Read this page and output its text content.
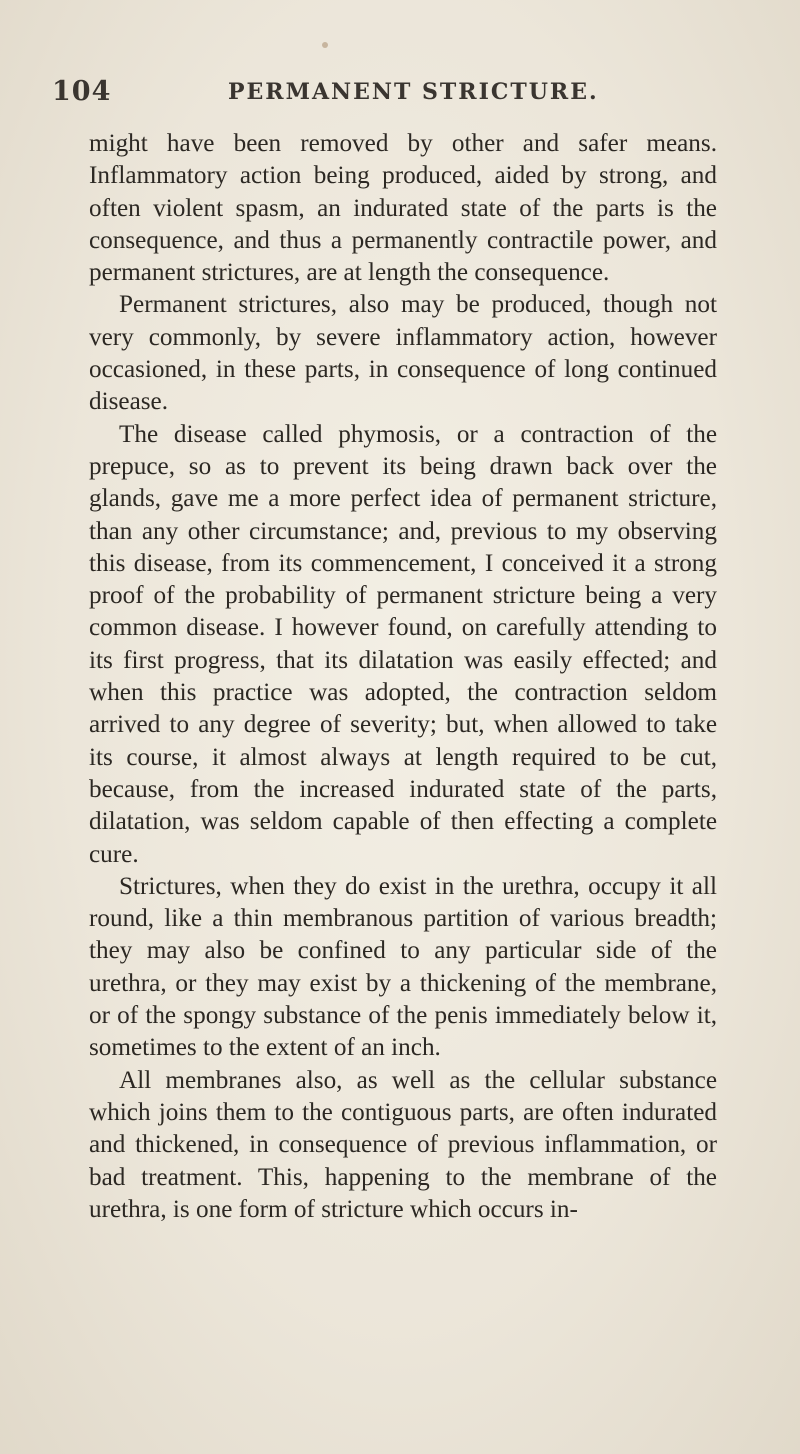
104	PERMANENT STRICTURE.

might have been removed by other and safer means. Inflammatory action being produced, aided by strong, and often violent spasm, an indurated state of the parts is the consequence, and thus a permanently contractile power, and permanent strictures, are at length the consequence.

Permanent strictures, also may be produced, though not very commonly, by severe inflammatory action, however occasioned, in these parts, in consequence of long continued disease.

The disease called phymosis, or a contraction of the prepuce, so as to prevent its being drawn back over the glands, gave me a more perfect idea of permanent stricture, than any other circumstance; and, previous to my observing this disease, from its commencement, I conceived it a strong proof of the probability of permanent stricture being a very common disease. I however found, on carefully attending to its first progress, that its dilatation was easily effected; and when this practice was adopted, the contraction seldom arrived to any degree of severity; but, when allowed to take its course, it almost always at length required to be cut, because, from the increased indurated state of the parts, dilatation, was seldom capable of then effecting a complete cure.

Strictures, when they do exist in the urethra, occupy it all round, like a thin membranous partition of various breadth; they may also be confined to any particular side of the urethra, or they may exist by a thickening of the membrane, or of the spongy substance of the penis immediately below it, sometimes to the extent of an inch.

All membranes also, as well as the cellular substance which joins them to the contiguous parts, are often indurated and thickened, in consequence of previous inflammation, or bad treatment. This, happening to the membrane of the urethra, is one form of stricture which occurs in-
